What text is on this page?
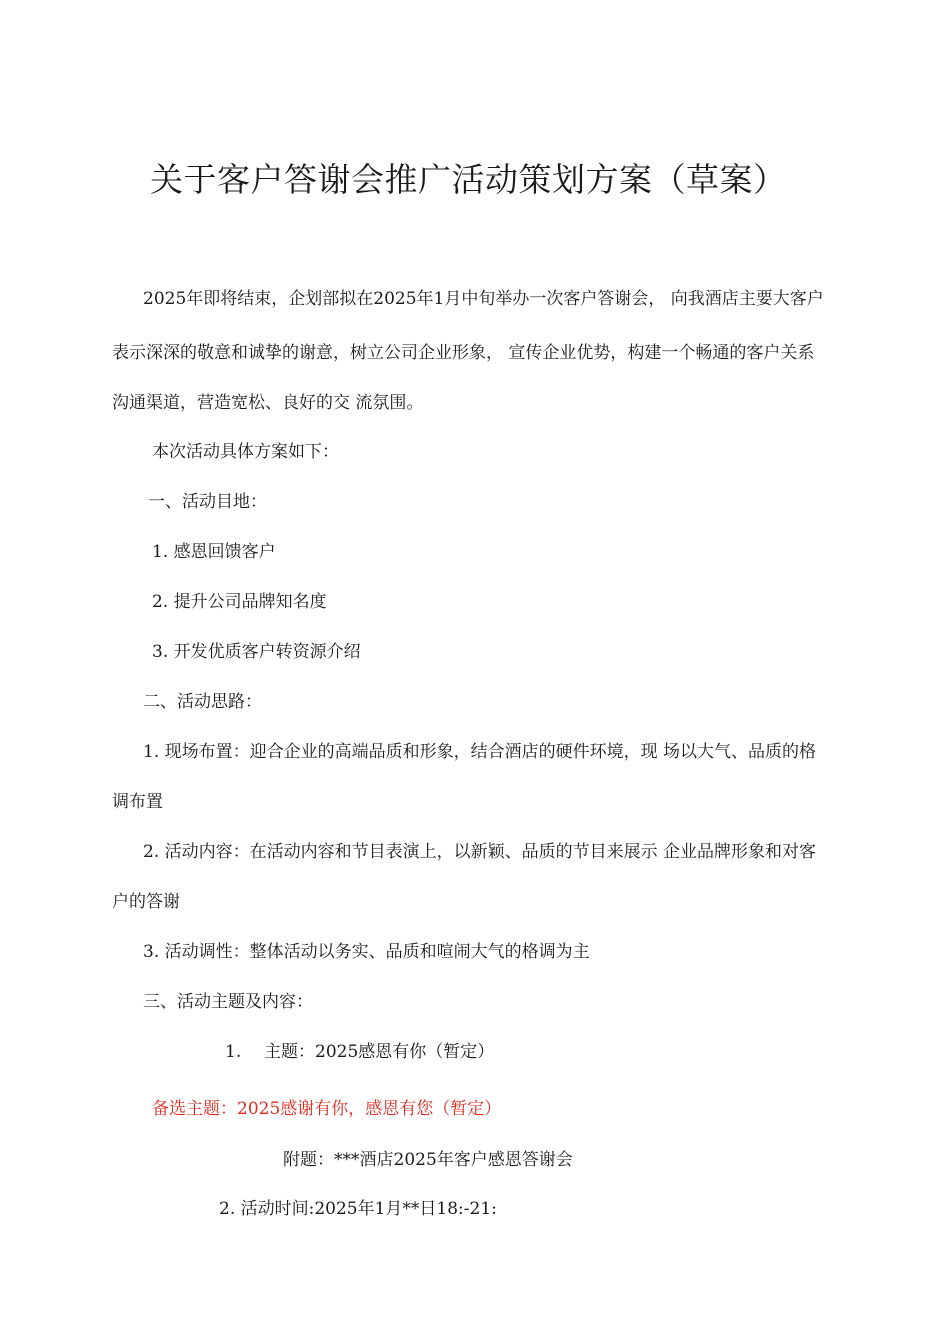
关于客户答谢会推广活动策划方案（草案）
2025年即将结束，企划部拟在2025年1月中旬举办一次客户答谢会， 向我酒店主要大客户
表示深深的敬意和诚挚的谢意，树立公司企业形象， 宣传企业优势，构建一个畅通的客户关系
沟通渠道，营造宽松、良好的交 流氛围。
本次活动具体方案如下：
一、活动目地：
1. 感恩回馈客户
2. 提升公司品牌知名度
3. 开发优质客户转资源介绍
二、活动思路：
1. 现场布置：迎合企业的高端品质和形象，结合酒店的硬件环境，现 场以大气、品质的格
调布置
2. 活动内容：在活动内容和节目表演上，以新颖、品质的节目来展示 企业品牌形象和对客
户的答谢
3. 活动调性：整体活动以务实、品质和喧闹大气的格调为主
三、活动主题及内容：
1. 主题：2025感恩有你（暂定）
备选主题：2025感谢有你，感恩有您（暂定）
附题：***酒店2025年客户感恩答谢会
2. 活动时间:2025年1月**日18:-21:
